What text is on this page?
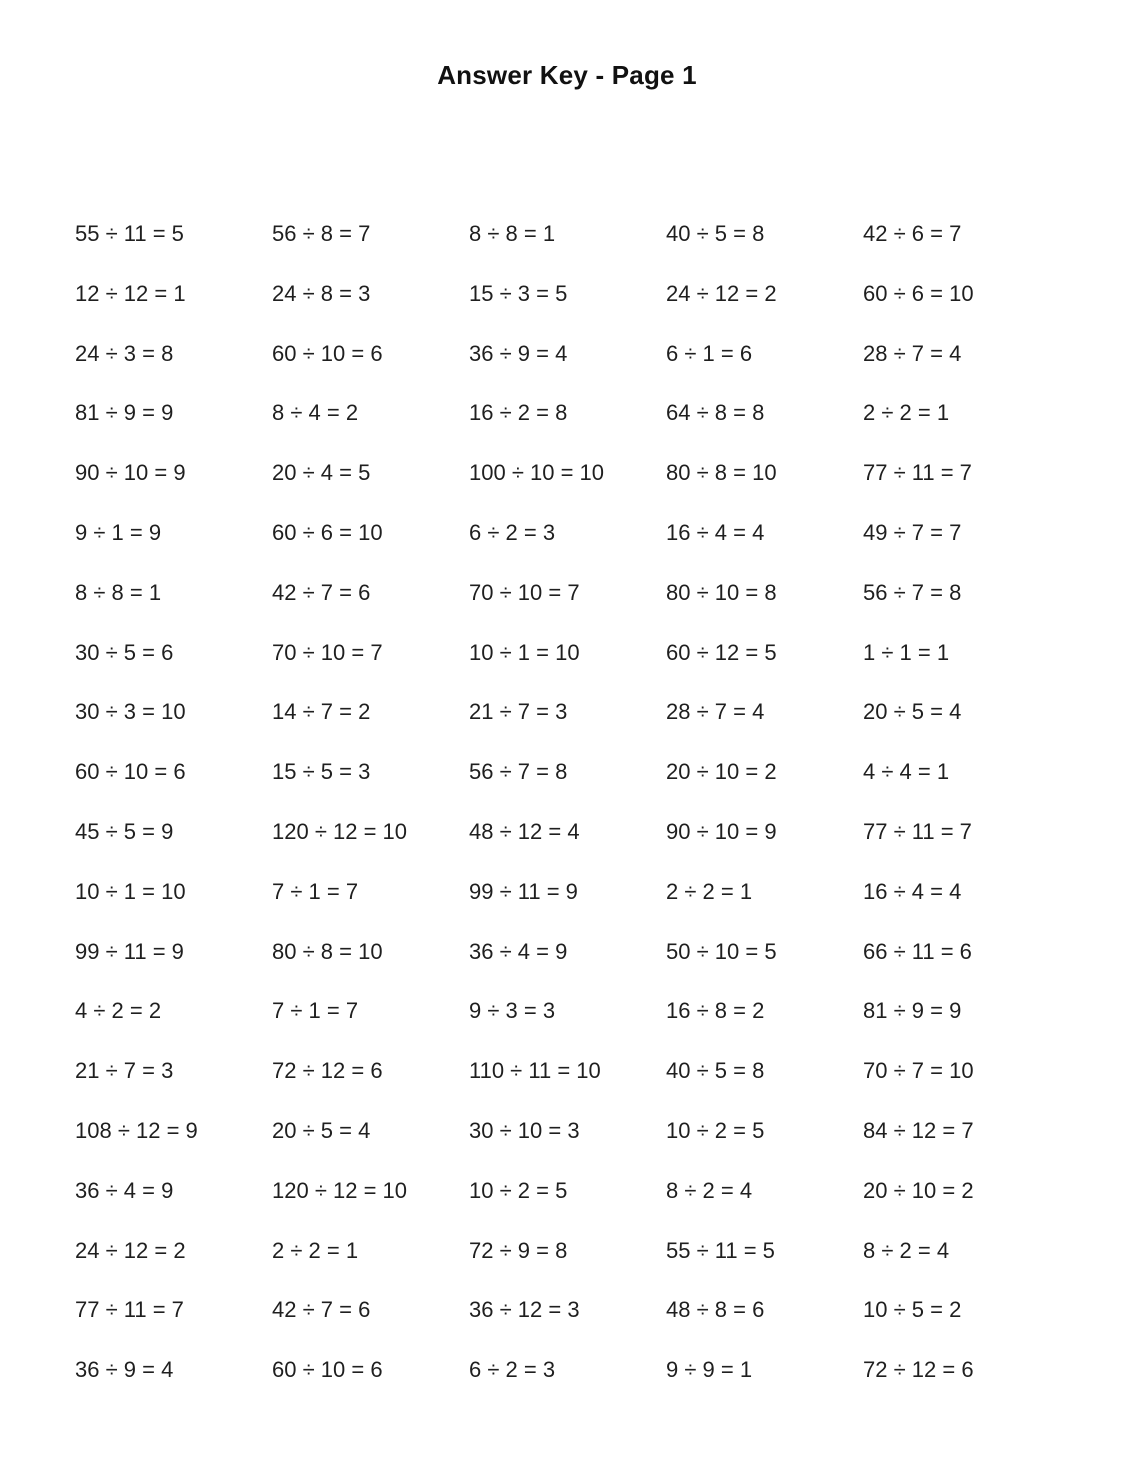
Answer Key - Page 1
55 ÷ 11 = 5	56 ÷ 8 = 7	8 ÷ 8 = 1	40 ÷ 5 = 8	42 ÷ 6 = 7
12 ÷ 12 = 1	24 ÷ 8 = 3	15 ÷ 3 = 5	24 ÷ 12 = 2	60 ÷ 6 = 10
24 ÷ 3 = 8	60 ÷ 10 = 6	36 ÷ 9 = 4	6 ÷ 1 = 6	28 ÷ 7 = 4
81 ÷ 9 = 9	8 ÷ 4 = 2	16 ÷ 2 = 8	64 ÷ 8 = 8	2 ÷ 2 = 1
90 ÷ 10 = 9	20 ÷ 4 = 5	100 ÷ 10 = 10	80 ÷ 8 = 10	77 ÷ 11 = 7
9 ÷ 1 = 9	60 ÷ 6 = 10	6 ÷ 2 = 3	16 ÷ 4 = 4	49 ÷ 7 = 7
8 ÷ 8 = 1	42 ÷ 7 = 6	70 ÷ 10 = 7	80 ÷ 10 = 8	56 ÷ 7 = 8
30 ÷ 5 = 6	70 ÷ 10 = 7	10 ÷ 1 = 10	60 ÷ 12 = 5	1 ÷ 1 = 1
30 ÷ 3 = 10	14 ÷ 7 = 2	21 ÷ 7 = 3	28 ÷ 7 = 4	20 ÷ 5 = 4
60 ÷ 10 = 6	15 ÷ 5 = 3	56 ÷ 7 = 8	20 ÷ 10 = 2	4 ÷ 4 = 1
45 ÷ 5 = 9	120 ÷ 12 = 10	48 ÷ 12 = 4	90 ÷ 10 = 9	77 ÷ 11 = 7
10 ÷ 1 = 10	7 ÷ 1 = 7	99 ÷ 11 = 9	2 ÷ 2 = 1	16 ÷ 4 = 4
99 ÷ 11 = 9	80 ÷ 8 = 10	36 ÷ 4 = 9	50 ÷ 10 = 5	66 ÷ 11 = 6
4 ÷ 2 = 2	7 ÷ 1 = 7	9 ÷ 3 = 3	16 ÷ 8 = 2	81 ÷ 9 = 9
21 ÷ 7 = 3	72 ÷ 12 = 6	110 ÷ 11 = 10	40 ÷ 5 = 8	70 ÷ 7 = 10
108 ÷ 12 = 9	20 ÷ 5 = 4	30 ÷ 10 = 3	10 ÷ 2 = 5	84 ÷ 12 = 7
36 ÷ 4 = 9	120 ÷ 12 = 10	10 ÷ 2 = 5	8 ÷ 2 = 4	20 ÷ 10 = 2
24 ÷ 12 = 2	2 ÷ 2 = 1	72 ÷ 9 = 8	55 ÷ 11 = 5	8 ÷ 2 = 4
77 ÷ 11 = 7	42 ÷ 7 = 6	36 ÷ 12 = 3	48 ÷ 8 = 6	10 ÷ 5 = 2
36 ÷ 9 = 4	60 ÷ 10 = 6	6 ÷ 2 = 3	9 ÷ 9 = 1	72 ÷ 12 = 6
